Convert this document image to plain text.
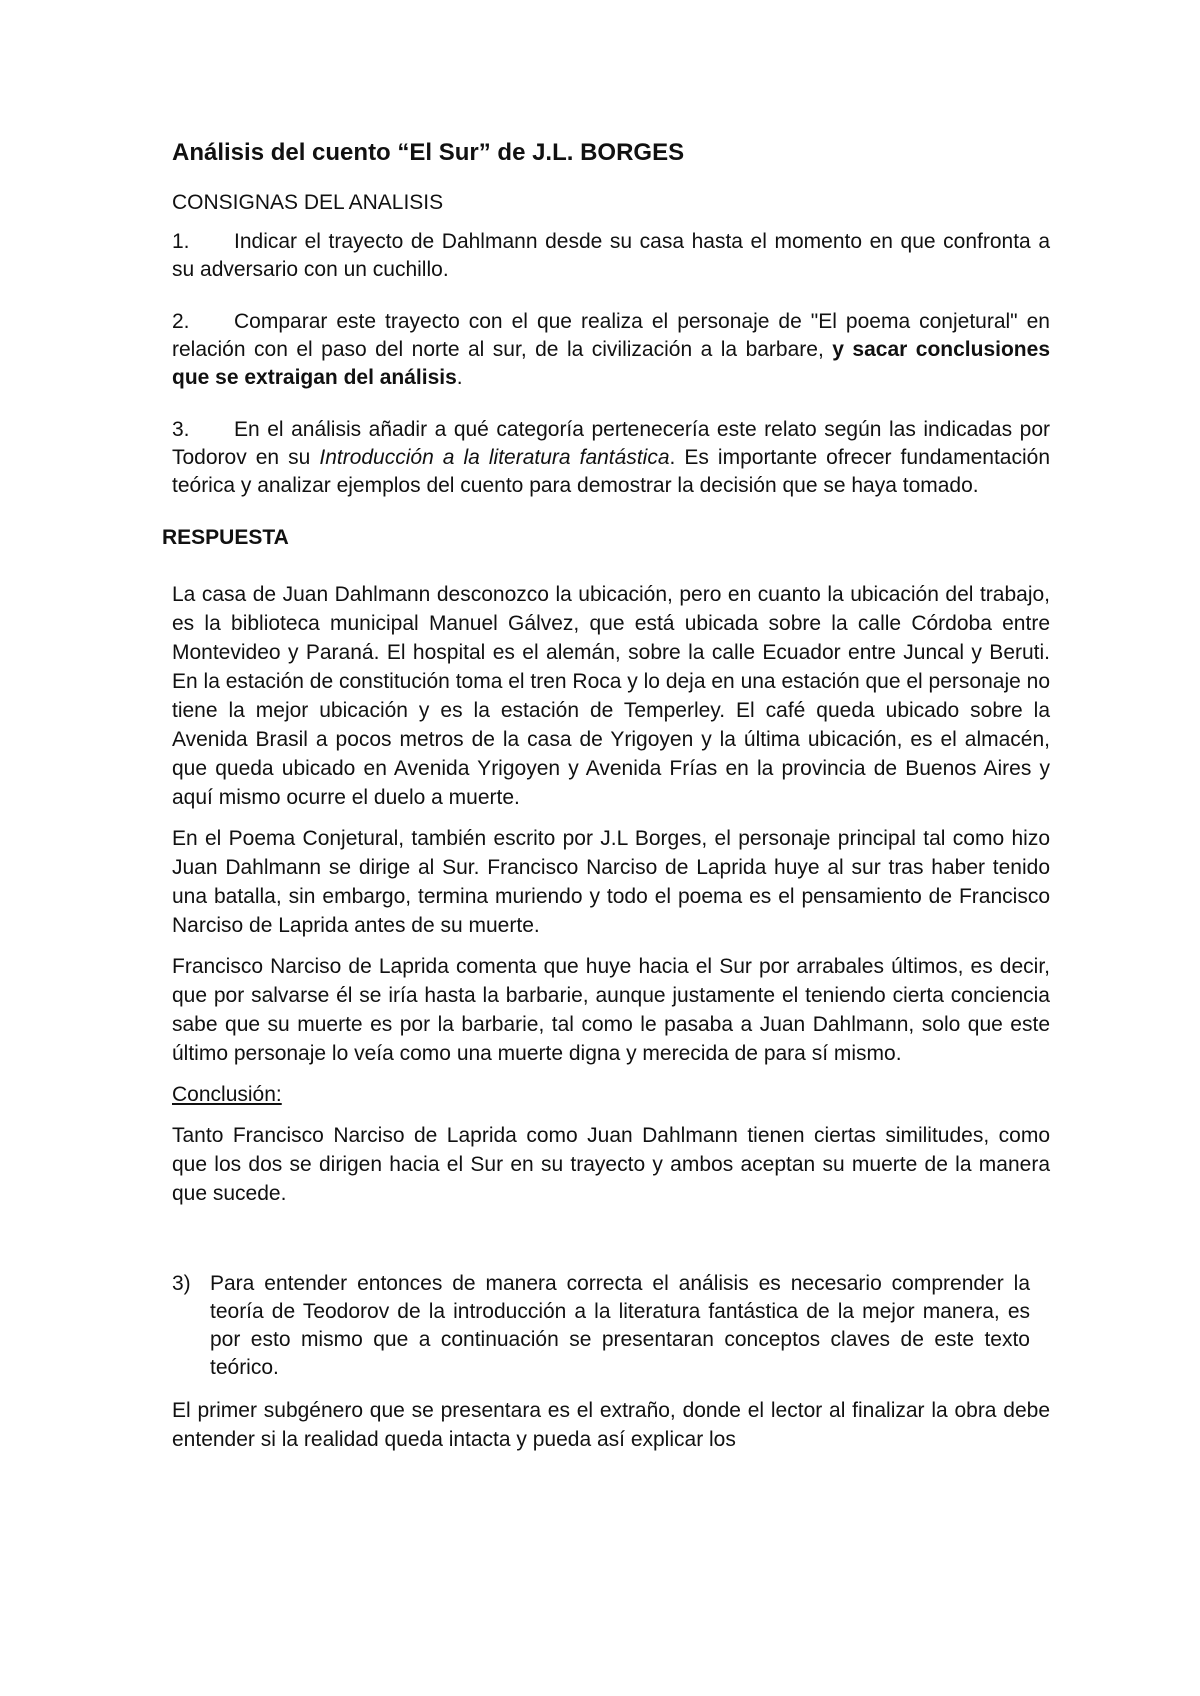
Análisis del cuento “El Sur” de J.L. BORGES
CONSIGNAS DEL ANALISIS
1. Indicar el trayecto de Dahlmann desde su casa hasta el momento en que confronta a su adversario con un cuchillo.
2. Comparar este trayecto con el que realiza el personaje de "El poema conjetural" en relación con el paso del norte al sur, de la civilización a la barbare, y sacar conclusiones que se extraigan del análisis.
3. En el análisis añadir a qué categoría pertenecería este relato según las indicadas por Todorov en su Introducción a la literatura fantástica. Es importante ofrecer fundamentación teórica y analizar ejemplos del cuento para demostrar la decisión que se haya tomado.
RESPUESTA
La casa de Juan Dahlmann desconozco la ubicación, pero en cuanto la ubicación del trabajo, es la biblioteca municipal Manuel Gálvez, que está ubicada sobre la calle Córdoba entre Montevideo y Paraná. El hospital es el alemán, sobre la calle Ecuador entre Juncal y Beruti. En la estación de constitución toma el tren Roca y lo deja en una estación que el personaje no tiene la mejor ubicación y es la estación de Temperley. El café queda ubicado sobre la Avenida Brasil a pocos metros de la casa de Yrigoyen y la última ubicación, es el almacén, que queda ubicado en Avenida Yrigoyen y Avenida Frías en la provincia de Buenos Aires y aquí mismo ocurre el duelo a muerte.
En el Poema Conjetural, también escrito por J.L Borges, el personaje principal tal como hizo Juan Dahlmann se dirige al Sur. Francisco Narciso de Laprida huye al sur tras haber tenido una batalla, sin embargo, termina muriendo y todo el poema es el pensamiento de Francisco Narciso de Laprida antes de su muerte.
Francisco Narciso de Laprida comenta que huye hacia el Sur por arrabales últimos, es decir, que por salvarse él se iría hasta la barbarie, aunque justamente el teniendo cierta conciencia sabe que su muerte es por la barbarie, tal como le pasaba a Juan Dahlmann, solo que este último personaje lo veía como una muerte digna y merecida de para sí mismo.
Conclusión:
Tanto Francisco Narciso de Laprida como Juan Dahlmann tienen ciertas similitudes, como que los dos se dirigen hacia el Sur en su trayecto y ambos aceptan su muerte de la manera que sucede.
3) Para entender entonces de manera correcta el análisis es necesario comprender la teoría de Teodorov de la introducción a la literatura fantástica de la mejor manera, es por esto mismo que a continuación se presentaran conceptos claves de este texto teórico.
El primer subgénero que se presentara es el extraño, donde el lector al finalizar la obra debe entender si la realidad queda intacta y pueda así explicar los
